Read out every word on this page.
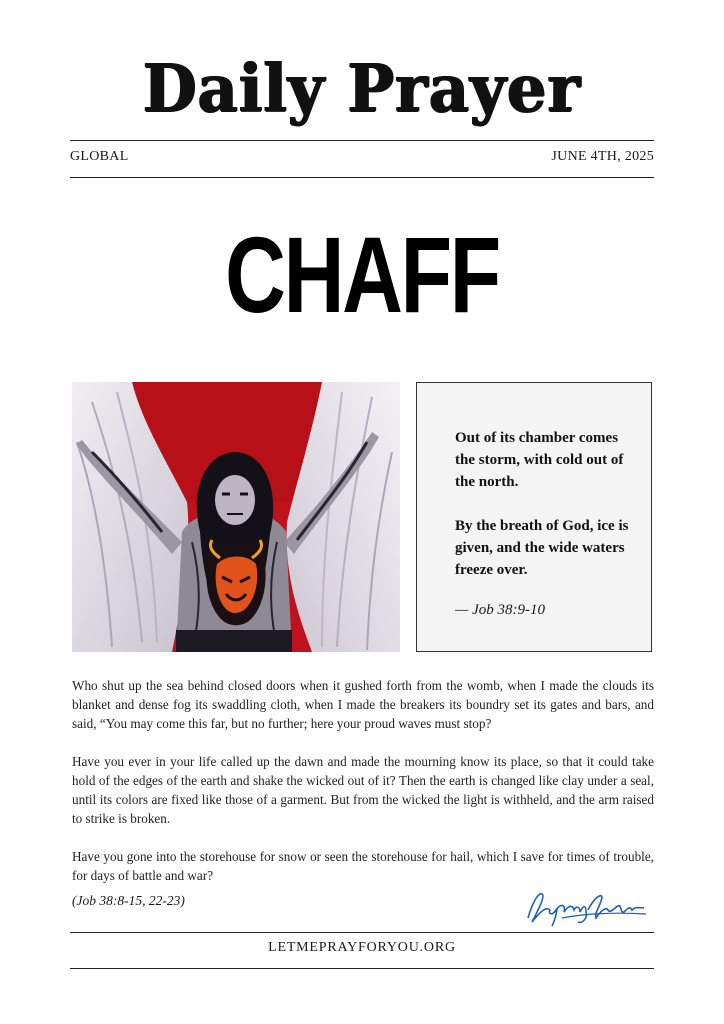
Daily Prayer
GLOBAL	JUNE 4TH, 2025
CHAFF

Out of its chamber comes the storm, with cold out of the north.

By the breath of God, ice is given, and the wide waters freeze over.

— Job 38:9-10

Who shut up the sea behind closed doors when it gushed forth from the womb, when I made the clouds its blanket and dense fog its swaddling cloth, when I made the breakers its boundry set its gates and bars, and said, “You may come this far, but no further; here your proud waves must stop?

Have you ever in your life called up the dawn and made the mourning know its place, so that it could take hold of the edges of the earth and shake the wicked out of it? Then the earth is changed like clay under a seal, until its colors are fixed like those of a garment. But from the wicked the light is withheld, and the arm raised to strike is broken.

Have you gone into the storehouse for snow or seen the storehouse for hail, which I save for times of trouble, for days of battle and war?

(Job 38:8-15, 22-23)
LETMEPRAYFORYOU.ORG
